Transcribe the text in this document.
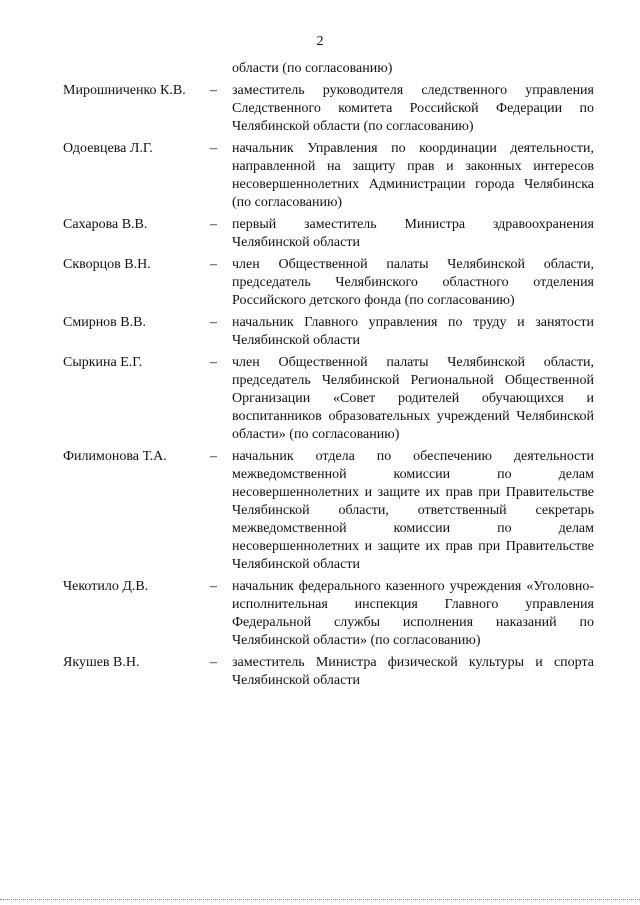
2
области (по согласованию)
Мирошниченко К.В.	–	заместитель руководителя следственного управления Следственного комитета Российской Федерации по Челябинской области (по согласованию)
Одоевцева Л.Г.	–	начальник Управления по координации деятельности, направленной на защиту прав и законных интересов несовершеннолетних Администрации города Челябинска (по согласованию)
Сахарова В.В.	–	первый заместитель Министра здравоохранения Челябинской области
Скворцов В.Н.	–	член Общественной палаты Челябинской области, председатель Челябинского областного отделения Российского детского фонда (по согласованию)
Смирнов В.В.	–	начальник Главного управления по труду и занятости Челябинской области
Сыркина Е.Г.	–	член Общественной палаты Челябинской области, председатель Челябинской Региональной Общественной Организации «Совет родителей обучающихся и воспитанников образовательных учреждений Челябинской области» (по согласованию)
Филимонова Т.А.	–	начальник отдела по обеспечению деятельности межведомственной комиссии по делам несовершеннолетних и защите их прав при Правительстве Челябинской области, ответственный секретарь межведомственной комиссии по делам несовершеннолетних и защите их прав при Правительстве Челябинской области
Чекотило Д.В.	–	начальник федерального казенного учреждения «Уголовно-исполнительная инспекция Главного управления Федеральной службы исполнения наказаний по Челябинской области» (по согласованию)
Якушев В.Н.	–	заместитель Министра физической культуры и спорта Челябинской области
